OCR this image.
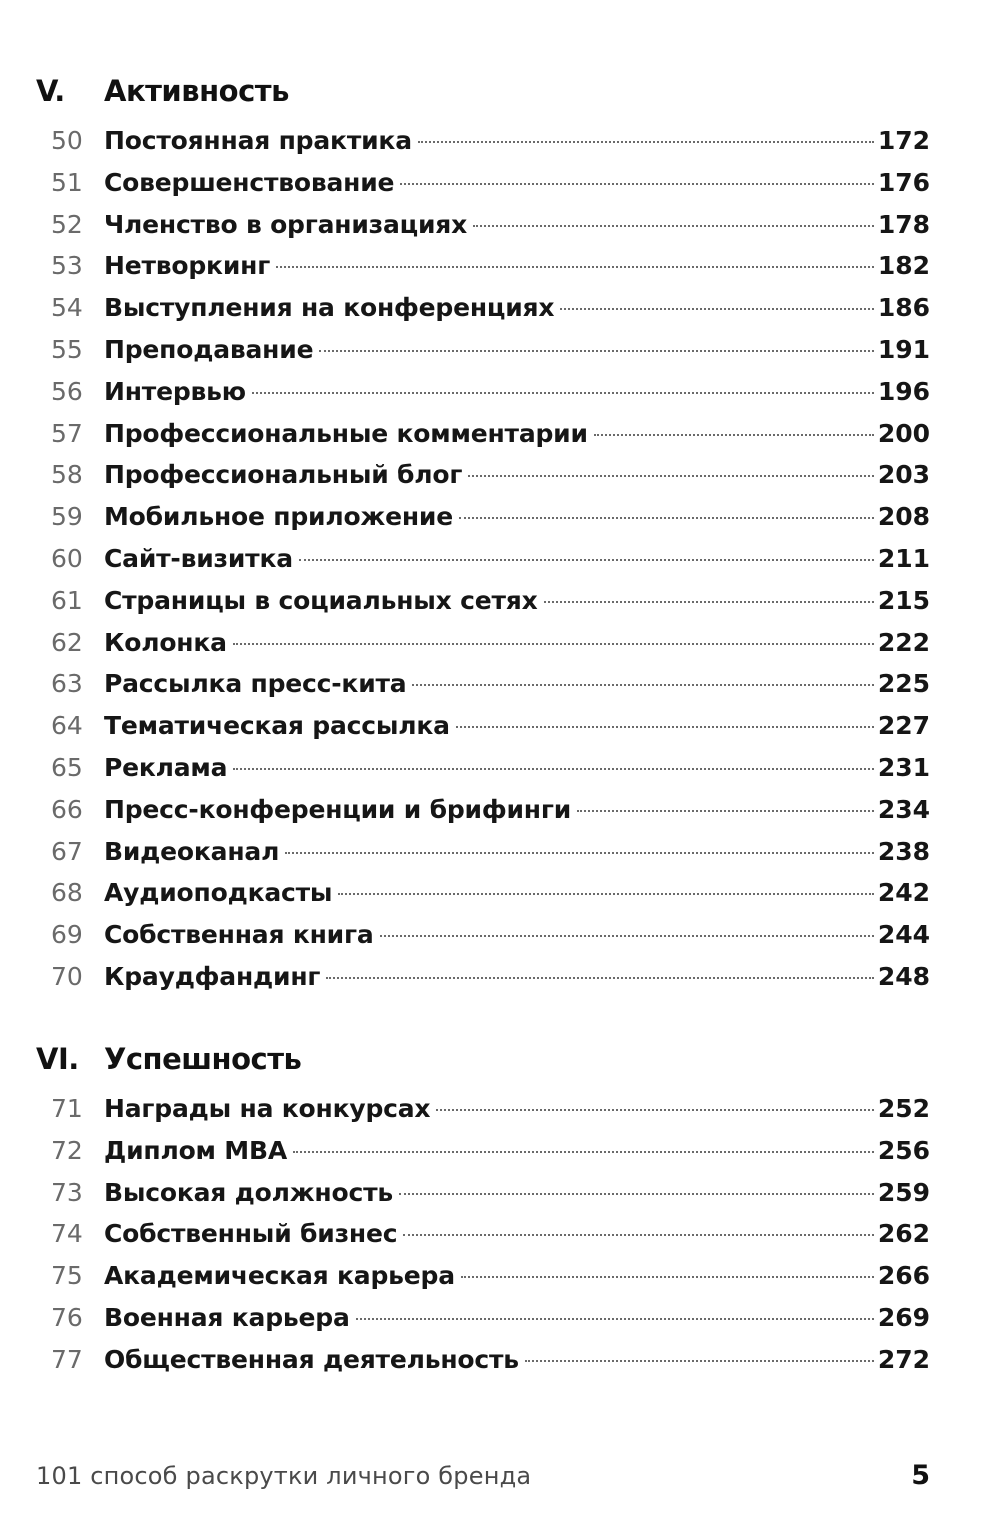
V.	Активность
50 Постоянная практика	172
51 Совершенствование	176
52 Членство в организациях	178
53 Нетворкинг	182
54 Выступления на конференциях	186
55 Преподавание	191
56 Интервью	196
57 Профессиональные комментарии	200
58 Профессиональный блог	203
59 Мобильное приложение	208
60 Сайт-визитка	211
61 Страницы в социальных сетях	215
62 Колонка	222
63 Рассылка пресс-кита	225
64 Тематическая рассылка	227
65 Реклама	231
66 Пресс-конференции и брифинги	234
67 Видеоканал	238
68 Аудиоподкасты	242
69 Собственная книга	244
70 Краудфандинг	248
VI. Успешность
71 Награды на конкурсах	252
72 Диплом MBA	256
73 Высокая должность	259
74 Собственный бизнес	262
75 Академическая карьера	266
76 Военная карьера	269
77 Общественная деятельность	272
101 способ раскрутки личного бренда	5
